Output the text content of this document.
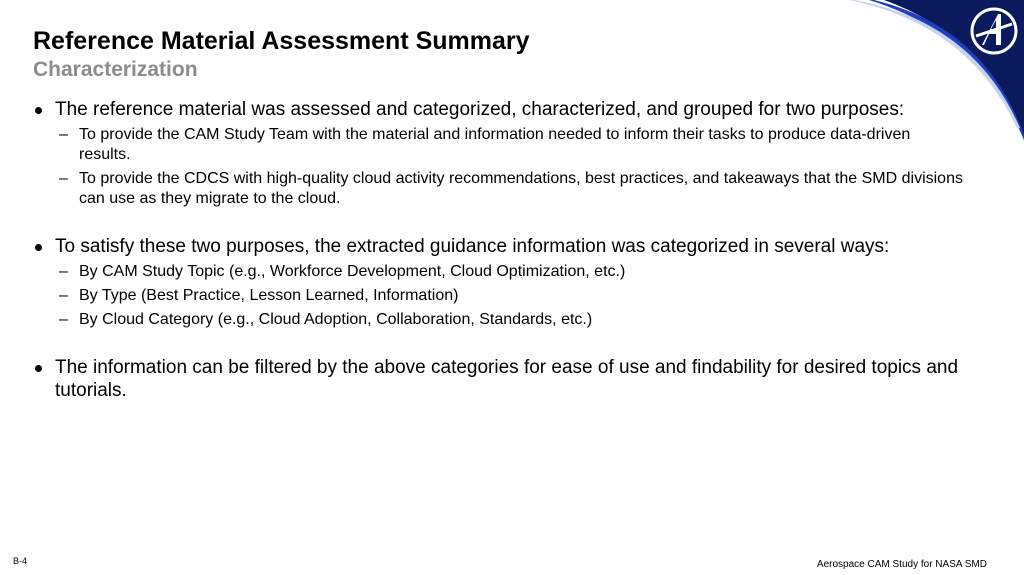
Reference Material Assessment Summary
Characterization

The reference material was assessed and categorized, characterized, and grouped for two purposes:

– To provide the CAM Study Team with the material and information needed to inform their tasks to produce data-driven results.
– To provide the CDCS with high-quality cloud activity recommendations, best practices, and takeaways that the SMD divisions can use as they migrate to the cloud.

To satisfy these two purposes, the extracted guidance information was categorized in several ways:

– By CAM Study Topic (e.g., Workforce Development, Cloud Optimization, etc.)
– By Type (Best Practice, Lesson Learned, Information)
– By Cloud Category (e.g., Cloud Adoption, Collaboration, Standards, etc.)

The information can be filtered by the above categories for ease of use and findability for desired topics and tutorials.

B-4	Aerospace CAM Study for NASA SMD
